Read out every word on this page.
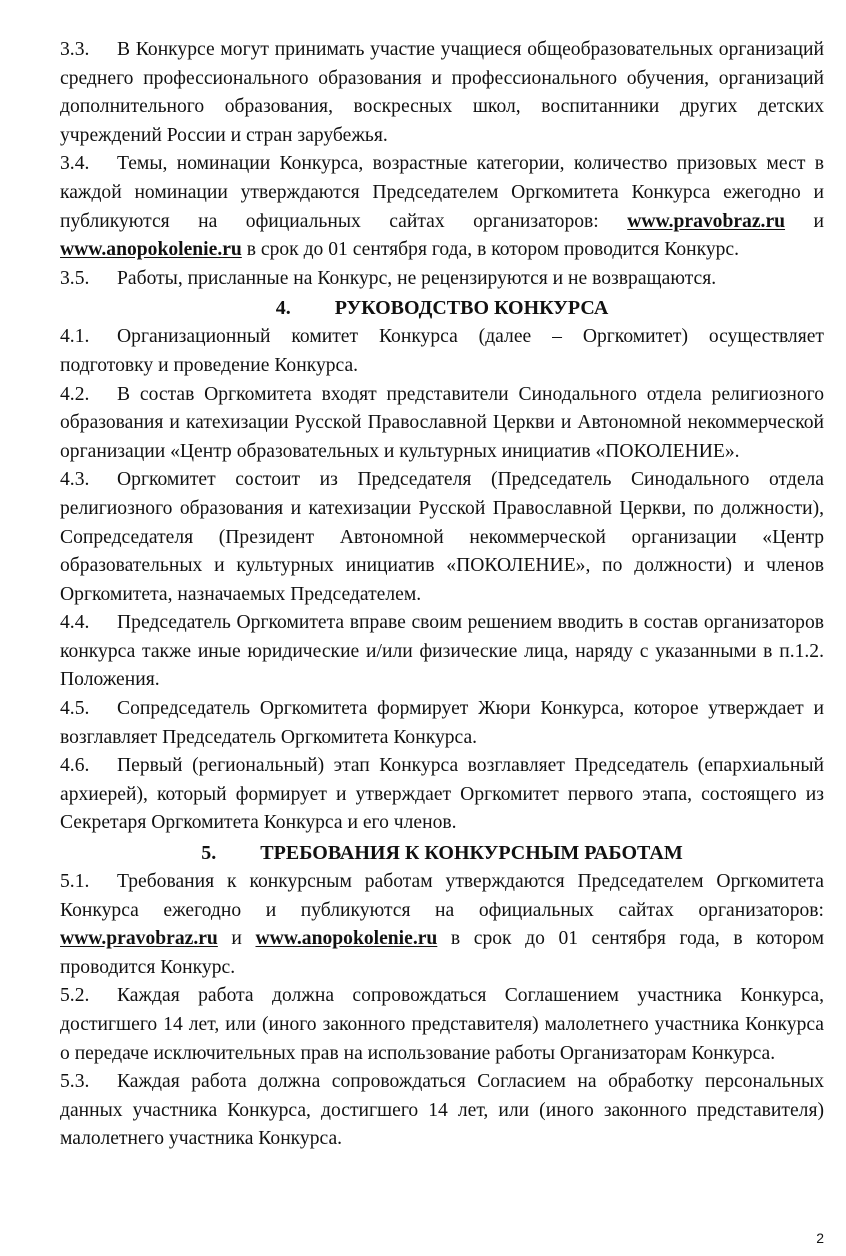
3.3. В Конкурсе могут принимать участие учащиеся общеобразовательных организаций среднего профессионального образования и профессионального обучения, организаций дополнительного образования, воскресных школ, воспитанники других детских учреждений России и стран зарубежья.

3.4. Темы, номинации Конкурса, возрастные категории, количество призовых мест в каждой номинации утверждаются Председателем Оргкомитета Конкурса ежегодно и публикуются на официальных сайтах организаторов: www.pravobraz.ru и www.anopokolenie.ru в срок до 01 сентября года, в котором проводится Конкурс.

3.5. Работы, присланные на Конкурс, не рецензируются и не возвращаются.

4. РУКОВОДСТВО КОНКУРСА

4.1. Организационный комитет Конкурса (далее – Оргкомитет) осуществляет подготовку и проведение Конкурса.

4.2. В состав Оргкомитета входят представители Синодального отдела религиозного образования и катехизации Русской Православной Церкви и Автономной некоммерческой организации «Центр образовательных и культурных инициатив «ПОКОЛЕНИЕ».

4.3. Оргкомитет состоит из Председателя (Председатель Синодального отдела религиозного образования и катехизации Русской Православной Церкви, по должности), Сопредседателя (Президент Автономной некоммерческой организации «Центр образовательных и культурных инициатив «ПОКОЛЕНИЕ», по должности) и членов Оргкомитета, назначаемых Председателем.

4.4. Председатель Оргкомитета вправе своим решением вводить в состав организаторов конкурса также иные юридические и/или физические лица, наряду с указанными в п.1.2. Положения.

4.5. Сопредседатель Оргкомитета формирует Жюри Конкурса, которое утверждает и возглавляет Председатель Оргкомитета Конкурса.

4.6. Первый (региональный) этап Конкурса возглавляет Председатель (епархиальный архиерей), который формирует и утверждает Оргкомитет первого этапа, состоящего из Секретаря Оргкомитета Конкурса и его членов.

5. ТРЕБОВАНИЯ К КОНКУРСНЫМ РАБОТАМ

5.1. Требования к конкурсным работам утверждаются Председателем Оргкомитета Конкурса ежегодно и публикуются на официальных сайтах организаторов: www.pravobraz.ru и www.anopokolenie.ru в срок до 01 сентября года, в котором проводится Конкурс.

5.2. Каждая работа должна сопровождаться Соглашением участника Конкурса, достигшего 14 лет, или (иного законного представителя) малолетнего участника Конкурса о передаче исключительных прав на использование работы Организаторам Конкурса.

5.3. Каждая работа должна сопровождаться Согласием на обработку персональных данных участника Конкурса, достигшего 14 лет, или (иного законного представителя) малолетнего участника Конкурса.

2
